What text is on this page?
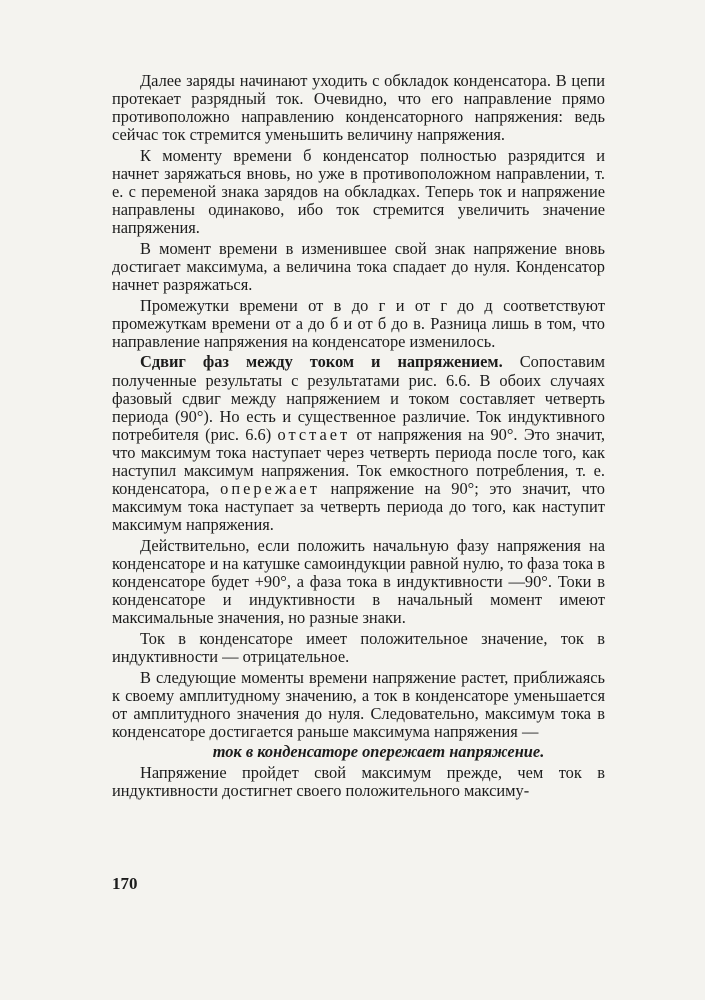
Далее заряды начинают уходить с обкладок конденсатора. В цепи протекает разрядный ток. Очевидно, что его направление прямо противоположно направлению конденсаторного напряжения: ведь сейчас ток стремится уменьшить величину напряжения.

К моменту времени б конденсатор полностью разрядится и начнет заряжаться вновь, но уже в противоположном направлении, т. е. с переменой знака зарядов на обкладках. Теперь ток и напряжение направлены одинаково, ибо ток стремится увеличить значение напряжения.

В момент времени в изменившее свой знак напряжение вновь достигает максимума, а величина тока спадает до нуля. Конденсатор начнет разряжаться.

Промежутки времени от в до г и от г до д соответствуют промежуткам времени от а до б и от б до в. Разница лишь в том, что направление напряжения на конденсаторе изменилось.

Сдвиг фаз между током и напряжением. Сопоставим полученные результаты с результатами рис. 6.6. В обоих случаях фазовый сдвиг между напряжением и током составляет четверть периода (90°). Но есть и существенное различие. Ток индуктивного потребителя (рис. 6.6) отстает от напряжения на 90°. Это значит, что максимум тока наступает через четверть периода после того, как наступил максимум напряжения. Ток емкостного потребления, т. е. конденсатора, опережает напряжение на 90°; это значит, что максимум тока наступает за четверть периода до того, как наступит максимум напряжения.

Действительно, если положить начальную фазу напряжения на конденсаторе и на катушке самоиндукции равной нулю, то фаза тока в конденсаторе будет +90°, а фаза тока в индуктивности —90°. Токи в конденсаторе и индуктивности в начальный момент имеют максимальные значения, но разные знаки.

Ток в конденсаторе имеет положительное значение, ток в индуктивности — отрицательное.

В следующие моменты времени напряжение растет, приближаясь к своему амплитудному значению, а ток в конденсаторе уменьшается от амплитудного значения до нуля. Следовательно, максимум тока в конденсаторе достигается раньше максимума напряжения —

ток в конденсаторе опережает напряжение.

Напряжение пройдет свой максимум прежде, чем ток в индуктивности достигнет своего положительного максиму-

170
